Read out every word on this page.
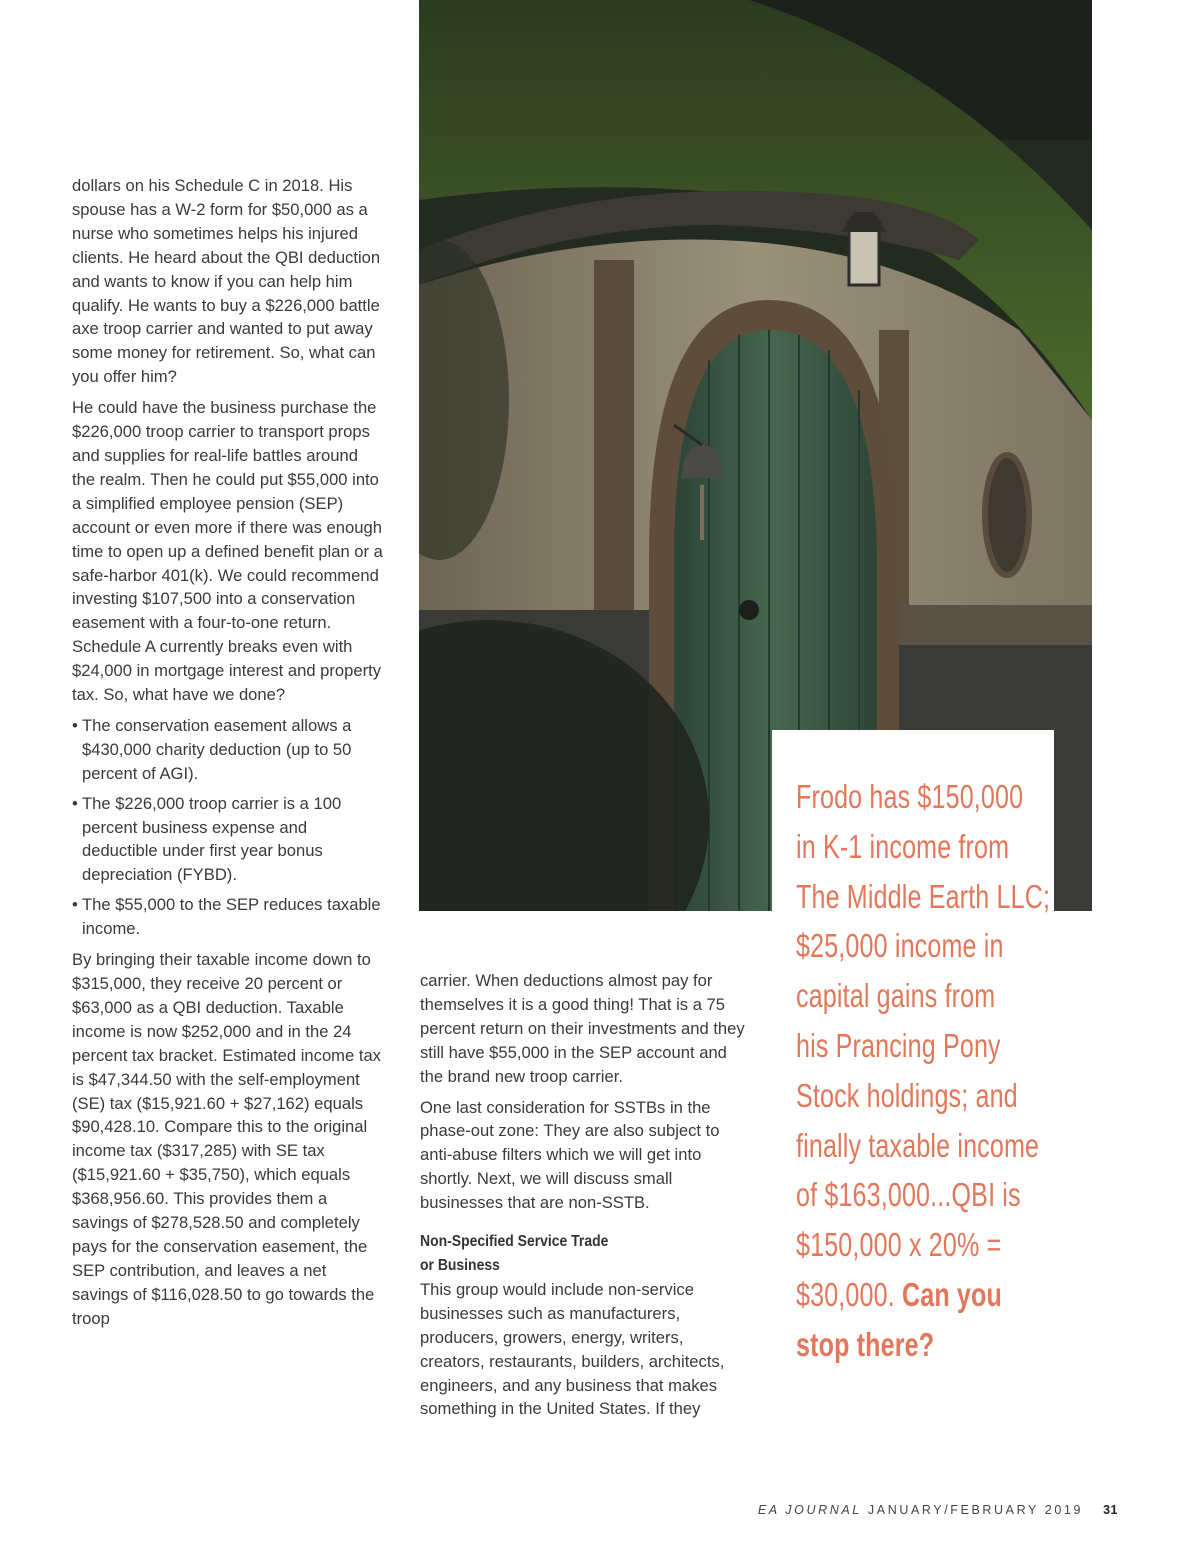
dollars on his Schedule C in 2018. His spouse has a W-2 form for $50,000 as a nurse who sometimes helps his injured clients. He heard about the QBI deduction and wants to know if you can help him qualify. He wants to buy a $226,000 battle axe troop carrier and wanted to put away some money for retirement. So, what can you offer him?

He could have the business purchase the $226,000 troop carrier to transport props and supplies for real-life battles around the realm. Then he could put $55,000 into a simplified employee pension (SEP) account or even more if there was enough time to open up a defined benefit plan or a safe-harbor 401(k). We could recommend investing $107,500 into a conservation easement with a four-to-one return. Schedule A currently breaks even with $24,000 in mortgage interest and property tax. So, what have we done?

• The conservation easement allows a $430,000 charity deduction (up to 50 percent of AGI).
• The $226,000 troop carrier is a 100 percent business expense and deductible under first year bonus depreciation (FYBD).
• The $55,000 to the SEP reduces taxable income.

By bringing their taxable income down to $315,000, they receive 20 percent or $63,000 as a QBI deduction. Taxable income is now $252,000 and in the 24 percent tax bracket. Estimated income tax is $47,344.50 with the self-employment (SE) tax ($15,921.60 + $27,162) equals $90,428.10. Compare this to the original income tax ($317,285) with SE tax ($15,921.60 + $35,750), which equals $368,956.60. This provides them a savings of $278,528.50 and completely pays for the conservation easement, the SEP contribution, and leaves a net savings of $116,028.50 to go towards the troop

Frodo has $150,000
in K-1 income from
The Middle Earth LLC;
$25,000 income in
capital gains from
his Prancing Pony
Stock holdings; and
finally taxable income
of $163,000...QBI is
$150,000 x 20% =
$30,000. Can you
stop there?

carrier. When deductions almost pay for themselves it is a good thing! That is a 75 percent return on their investments and they still have $55,000 in the SEP account and the brand new troop carrier.

One last consideration for SSTBs in the phase-out zone: They are also subject to anti-abuse filters which we will get into shortly. Next, we will discuss small businesses that are non-SSTB.

Non-Specified Service Trade
or Business

This group would include non-service businesses such as manufacturers, producers, growers, energy, writers, creators, restaurants, builders, architects, engineers, and any business that makes something in the United States. If they

EA JOURNAL JANUARY/FEBRUARY 2019 31
